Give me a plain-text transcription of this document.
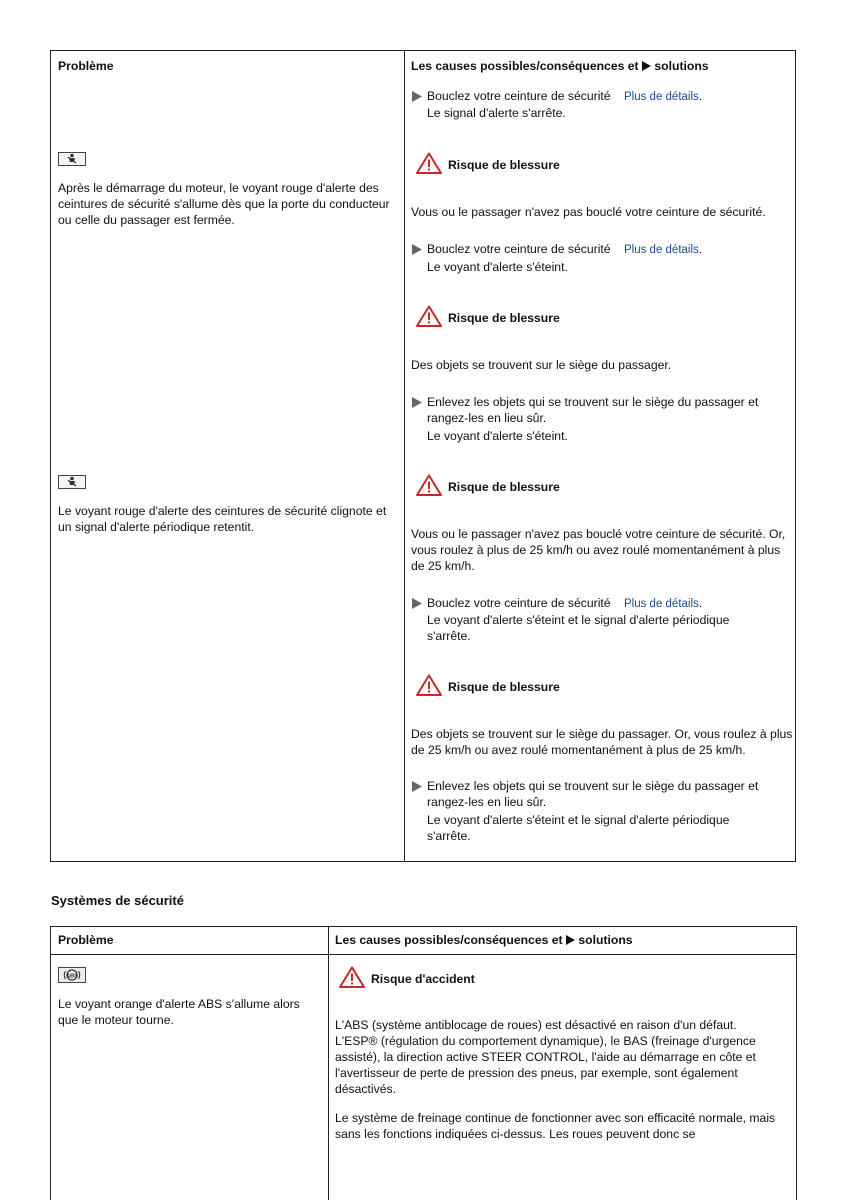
Problème	Les causes possibles/conséquences et  solutions
Bouclez votre ceinture de sécurité Plus de détails.
Le signal d'alerte s'arrête.
Après le démarrage du moteur, le voyant rouge d'alerte des ceintures de sécurité s'allume dès que la porte du conducteur ou celle du passager est fermée.
Risque de blessure
Vous ou le passager n'avez pas bouclé votre ceinture de sécurité.
Bouclez votre ceinture de sécurité Plus de détails.
Le voyant d'alerte s'éteint.
Risque de blessure
Des objets se trouvent sur le siège du passager.
Enlevez les objets qui se trouvent sur le siège du passager et rangez-les en lieu sûr.
Le voyant d'alerte s'éteint.
Le voyant rouge d'alerte des ceintures de sécurité clignote et un signal d'alerte périodique retentit.
Risque de blessure
Vous ou le passager n'avez pas bouclé votre ceinture de sécurité. Or, vous roulez à plus de 25 km/h ou avez roulé momentanément à plus de 25 km/h.
Bouclez votre ceinture de sécurité Plus de détails.
Le voyant d'alerte s'éteint et le signal d'alerte périodique s'arrête.
Risque de blessure
Des objets se trouvent sur le siège du passager. Or, vous roulez à plus de 25 km/h ou avez roulé momentanément à plus de 25 km/h.
Enlevez les objets qui se trouvent sur le siège du passager et rangez-les en lieu sûr.
Le voyant d'alerte s'éteint et le signal d'alerte périodique s'arrête.
Systèmes de sécurité
Problème	Les causes possibles/conséquences et  solutions
ABS
Le voyant orange d'alerte ABS s'allume alors que le moteur tourne.
Risque d'accident
L'ABS (système antiblocage de roues) est désactivé en raison d'un défaut. L'ESP® (régulation du comportement dynamique), le BAS (freinage d'urgence assisté), la direction active STEER CONTROL, l'aide au démarrage en côte et l'avertisseur de perte de pression des pneus, par exemple, sont également désactivés.
Le système de freinage continue de fonctionner avec son efficacité normale, mais sans les fonctions indiquées ci-dessus. Les roues peuvent donc se
